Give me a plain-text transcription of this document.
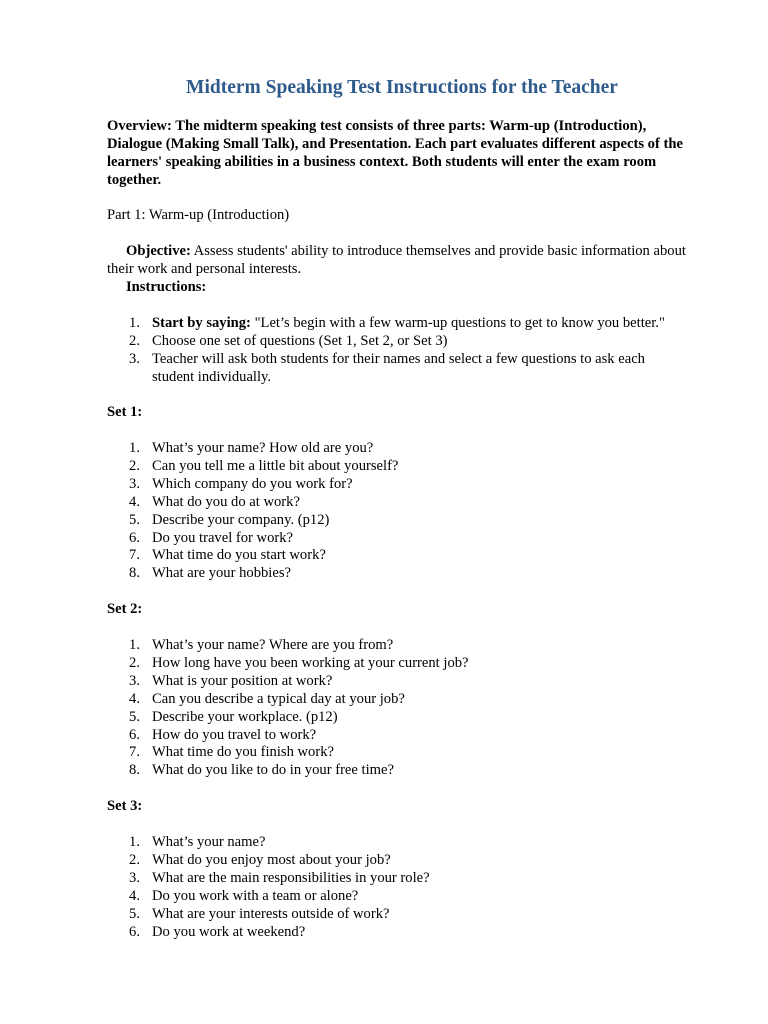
Midterm Speaking Test Instructions for the Teacher
Overview: The midterm speaking test consists of three parts: Warm-up (Introduction), Dialogue (Making Small Talk), and Presentation. Each part evaluates different aspects of the learners' speaking abilities in a business context. Both students will enter the exam room together.
Part 1: Warm-up (Introduction)
Objective: Assess students' ability to introduce themselves and provide basic information about their work and personal interests.
Instructions:
1. Start by saying: "Let’s begin with a few warm-up questions to get to know you better."
2. Choose one set of questions (Set 1, Set 2, or Set 3)
3. Teacher will ask both students for their names and select a few questions to ask each student individually.
Set 1:
1. What’s your name? How old are you?
2. Can you tell me a little bit about yourself?
3. Which company do you work for?
4. What do you do at work?
5. Describe your company. (p12)
6. Do you travel for work?
7. What time do you start work?
8. What are your hobbies?
Set 2:
1. What’s your name? Where are you from?
2. How long have you been working at your current job?
3. What is your position at work?
4. Can you describe a typical day at your job?
5. Describe your workplace. (p12)
6. How do you travel to work?
7. What time do you finish work?
8. What do you like to do in your free time?
Set 3:
1. What’s your name?
2. What do you enjoy most about your job?
3. What are the main responsibilities in your role?
4. Do you work with a team or alone?
5. What are your interests outside of work?
6. Do you work at weekend?
